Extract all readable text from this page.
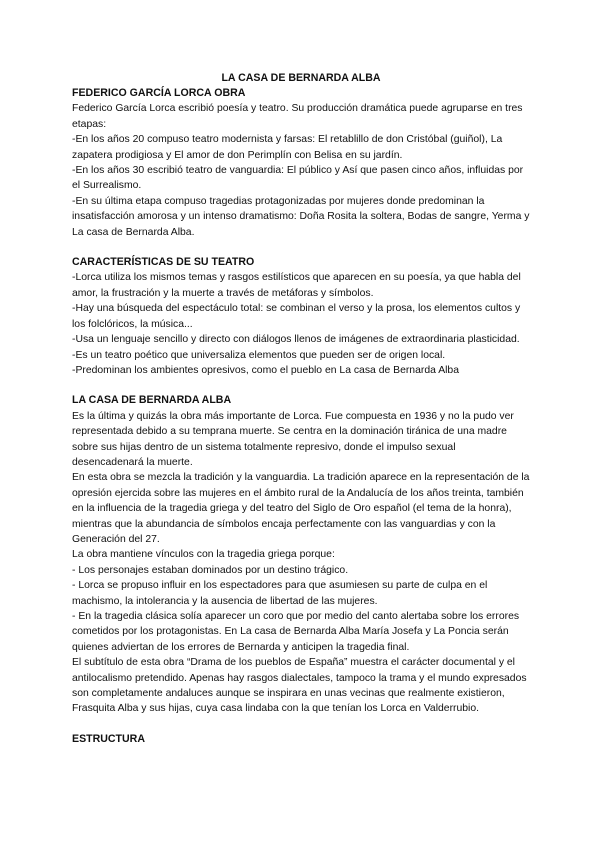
LA CASA DE BERNARDA ALBA
FEDERICO GARCÍA LORCA OBRA

Federico García Lorca escribió poesía y teatro. Su producción dramática puede agruparse en tres etapas:

-En los años 20 compuso teatro modernista y farsas: El retablillo de don Cristóbal (guiñol), La zapatera prodigiosa y El amor de don Perimplín con Belisa en su jardín.

-En los años 30 escribió teatro de vanguardia: El público y Así que pasen cinco años, influidas por el Surrealismo.

-En su última etapa compuso tragedias protagonizadas por mujeres donde predominan la insatisfacción amorosa y un intenso dramatismo: Doña Rosita la soltera, Bodas de sangre, Yerma y La casa de Bernarda Alba.

CARACTERÍSTICAS DE SU TEATRO

-Lorca utiliza los mismos temas y rasgos estilísticos que aparecen en su poesía, ya que habla del amor, la frustración y la muerte a través de metáforas y símbolos.

-Hay una búsqueda del espectáculo total: se combinan el verso y la prosa, los elementos cultos y los folclóricos, la música...

-Usa un lenguaje sencillo y directo con diálogos llenos de imágenes de extraordinaria plasticidad.

-Es un teatro poético que universaliza elementos que pueden ser de origen local.

-Predominan los ambientes opresivos, como el pueblo en La casa de Bernarda Alba

LA CASA DE BERNARDA ALBA

Es la última y quizás la obra más importante de Lorca. Fue compuesta en 1936 y no la pudo ver representada debido a su temprana muerte. Se centra en la dominación tiránica de una madre sobre sus hijas dentro de un sistema totalmente represivo, donde el impulso sexual desencadenará la muerte.

En esta obra se mezcla la tradición y la vanguardia. La tradición aparece en la representación de la opresión ejercida sobre las mujeres en el ámbito rural de la Andalucía de los años treinta, también en la influencia de la tragedia griega y del teatro del Siglo de Oro español (el tema de la honra), mientras que la abundancia de símbolos encaja perfectamente con las vanguardias y con la Generación del 27.

La obra mantiene vínculos con la tragedia griega porque:

- Los personajes estaban dominados por un destino trágico.

- Lorca se propuso influir en los espectadores para que asumiesen su parte de culpa en el machismo, la intolerancia y la ausencia de libertad de las mujeres.

- En la tragedia clásica solía aparecer un coro que por medio del canto alertaba sobre los errores cometidos por los protagonistas. En La casa de Bernarda Alba María Josefa y La Poncia serán quienes adviertan de los errores de Bernarda y anticipen la tragedia final.

El subtítulo de esta obra “Drama de los pueblos de España” muestra el carácter documental y el antilocalismo pretendido. Apenas hay rasgos dialectales, tampoco la trama y el mundo expresados son completamente andaluces aunque se inspirara en unas vecinas que realmente existieron, Frasquita Alba y sus hijas, cuya casa lindaba con la que tenían los Lorca en Valderrubio.

ESTRUCTURA
